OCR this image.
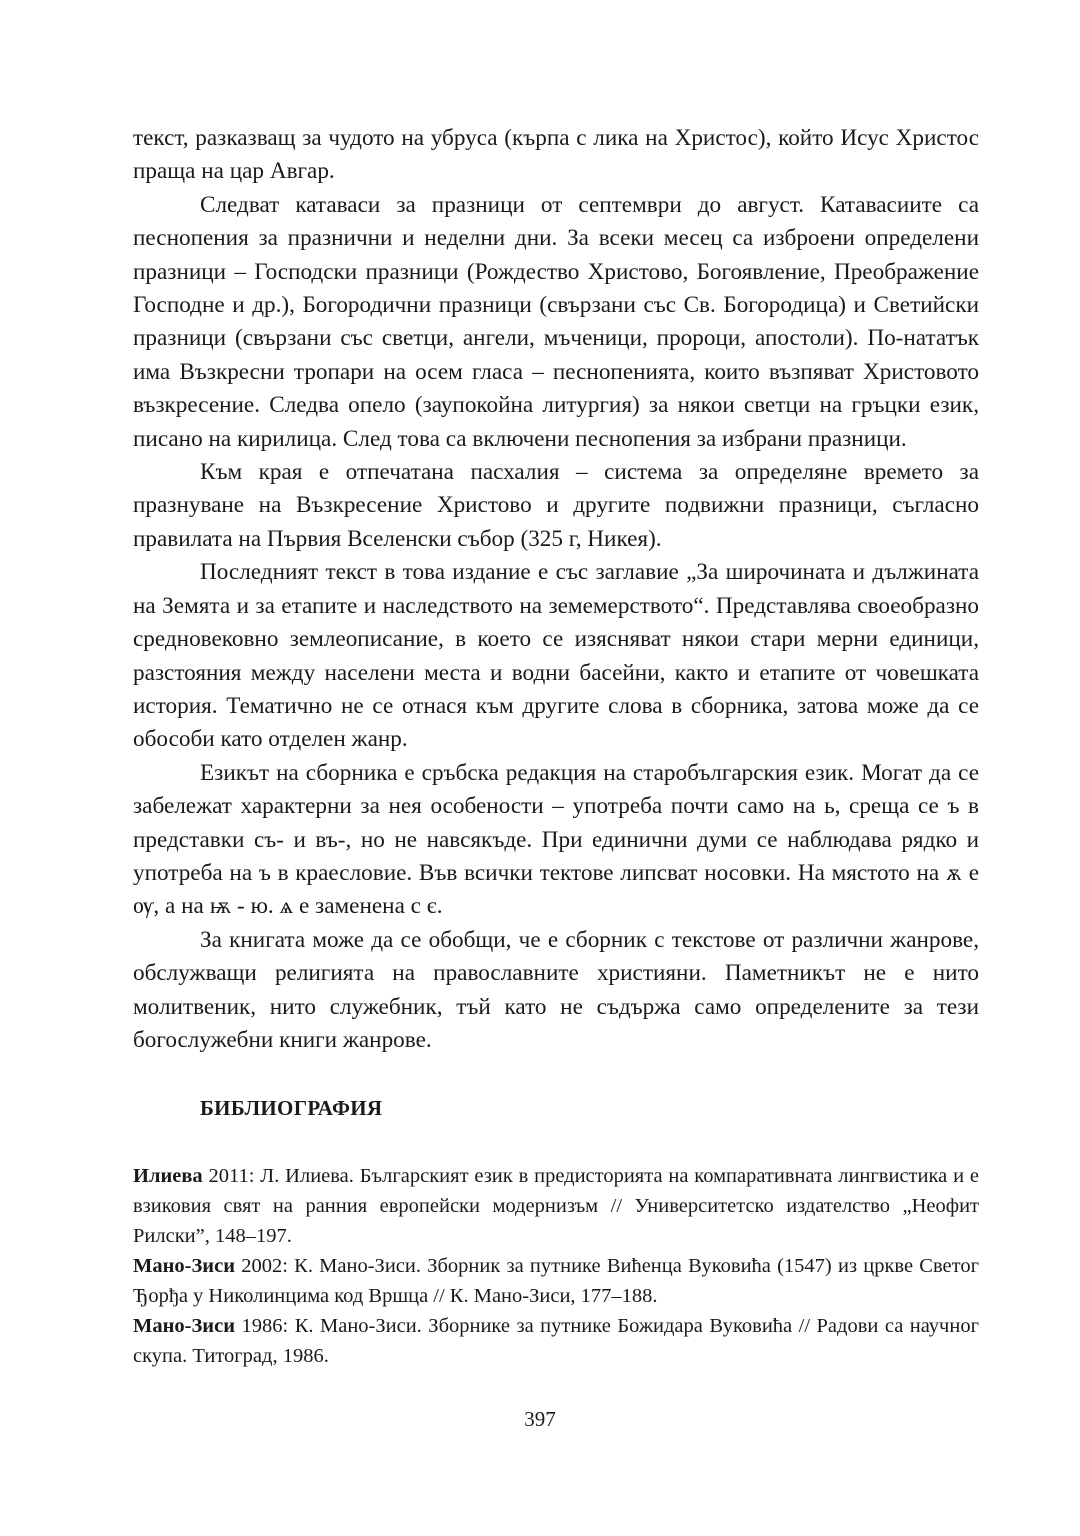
текст, разказващ за чудото на убруса (кърпа с лика на Христос), който Исус Христос праща на цар Авгар.

Следват катаваси за празници от септември до август. Катавасиите са песнопения за празнични и неделни дни. За всеки месец са изброени определени празници – Господски празници (Рождество Христово, Богоявление, Преображение Господне и др.), Богородични празници (свързани със Св. Богородица) и Светийски празници (свързани със светци, ангели, мъченици, пророци, апостоли). По-нататък има Възкресни тропари на осем гласа – песнопенията, които възпяват Христовото възкресение. Следва опело (заупокойна литургия) за някои светци на гръцки език, писано на кирилица. След това са включени песнопения за избрани празници.

Към края е отпечатана пасхалия – система за определяне времето за празнуване на Възкресение Христово и другите подвижни празници, съгласно правилата на Първия Вселенски събор (325 г, Никея).

Последният текст в това издание е със заглавие „За широчината и дължината на Земята и за етапите и наследството на земемерството“. Представлява своеобразно средновековно землеописание, в което се изясняват някои стари мерни единици, разстояния между населени места и водни басейни, както и етапите от човешката история. Тематично не се отнася към другите слова в сборника, затова може да се обособи като отделен жанр.

Езикът на сборника е сръбска редакция на старобългарския език. Могат да се забележат характерни за нея особености – употреба почти само на ь, среща се ъ в представки съ- и въ-, но не навсякъде. При единични думи се наблюдава рядко и употреба на ъ в краесловие. Във всички тектове липсват носовки. На мястото на ѫ е ѹ, а на ѭ - ю. ѧ е заменена с є.

За книгата може да се обобщи, че е сборник с текстове от различни жанрове, обслужващи религията на православните християни. Паметникът не е нито молитвеник, нито служебник, тъй като не съдържа само определените за тези богослужебни книги жанрове.

БИБЛИОГРАФИЯ

Илиева 2011: Л. Илиева. Българският език в предисторията на компаративната лингвистика и е взиковия свят на ранния европейски модернизъм // Университетско издателство „Неофит Рилски”, 148–197.

Мано-Зиси 2002: К. Мано-Зиси. Зборник за путнике Вићенца Вуковића (1547) из цркве Светог Ђорђа у Николинцима код Вршца // К. Мано-Зиси, 177–188.

Мано-Зиси 1986: К. Мано-Зиси. Зборнике за путнике Божидара Вуковића // Радови са научног скупа. Титоград, 1986.

397
